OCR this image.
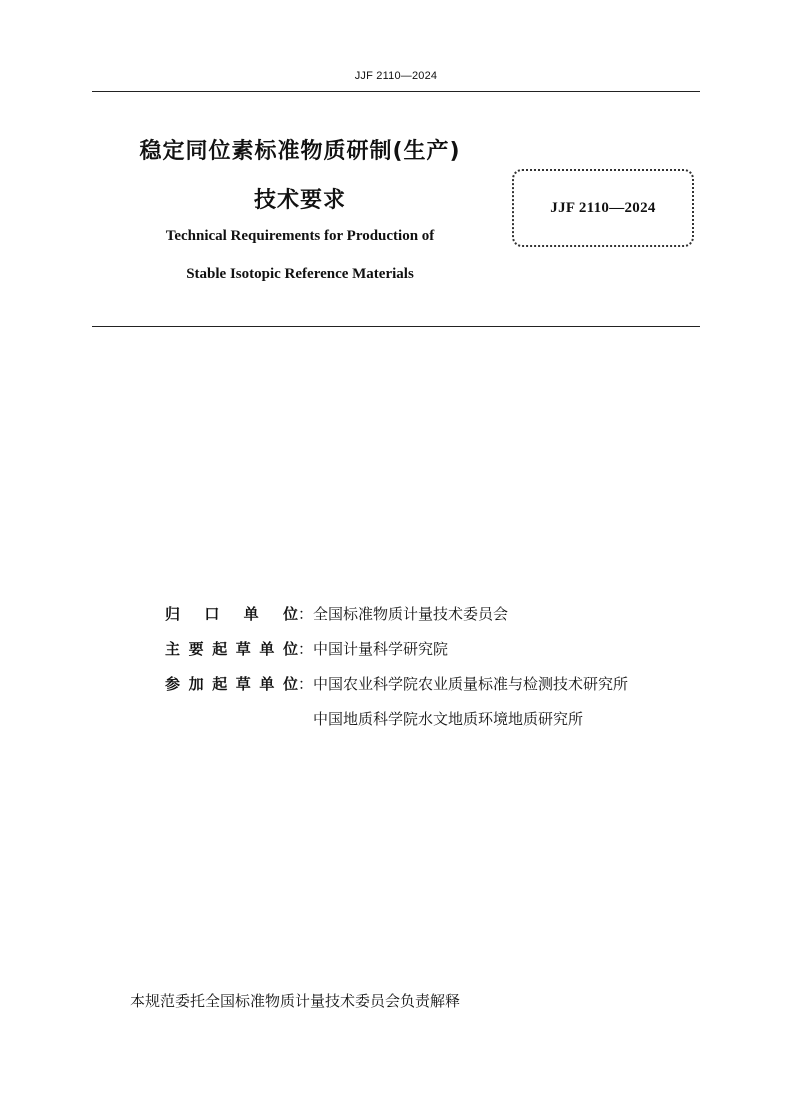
JJF 2110—2024
稳定同位素标准物质研制(生产)
技术要求
Technical Requirements for Production of
Stable Isotopic Reference Materials
JJF 2110—2024
归 口 单 位 ： 全国标准物质计量技术委员会
主要起草单位 ： 中国计量科学研究院
参加起草单位 ： 中国农业科学院农业质量标准与检测技术研究所
中国地质科学院水文地质环境地质研究所
本规范委托全国标准物质计量技术委员会负责解释
